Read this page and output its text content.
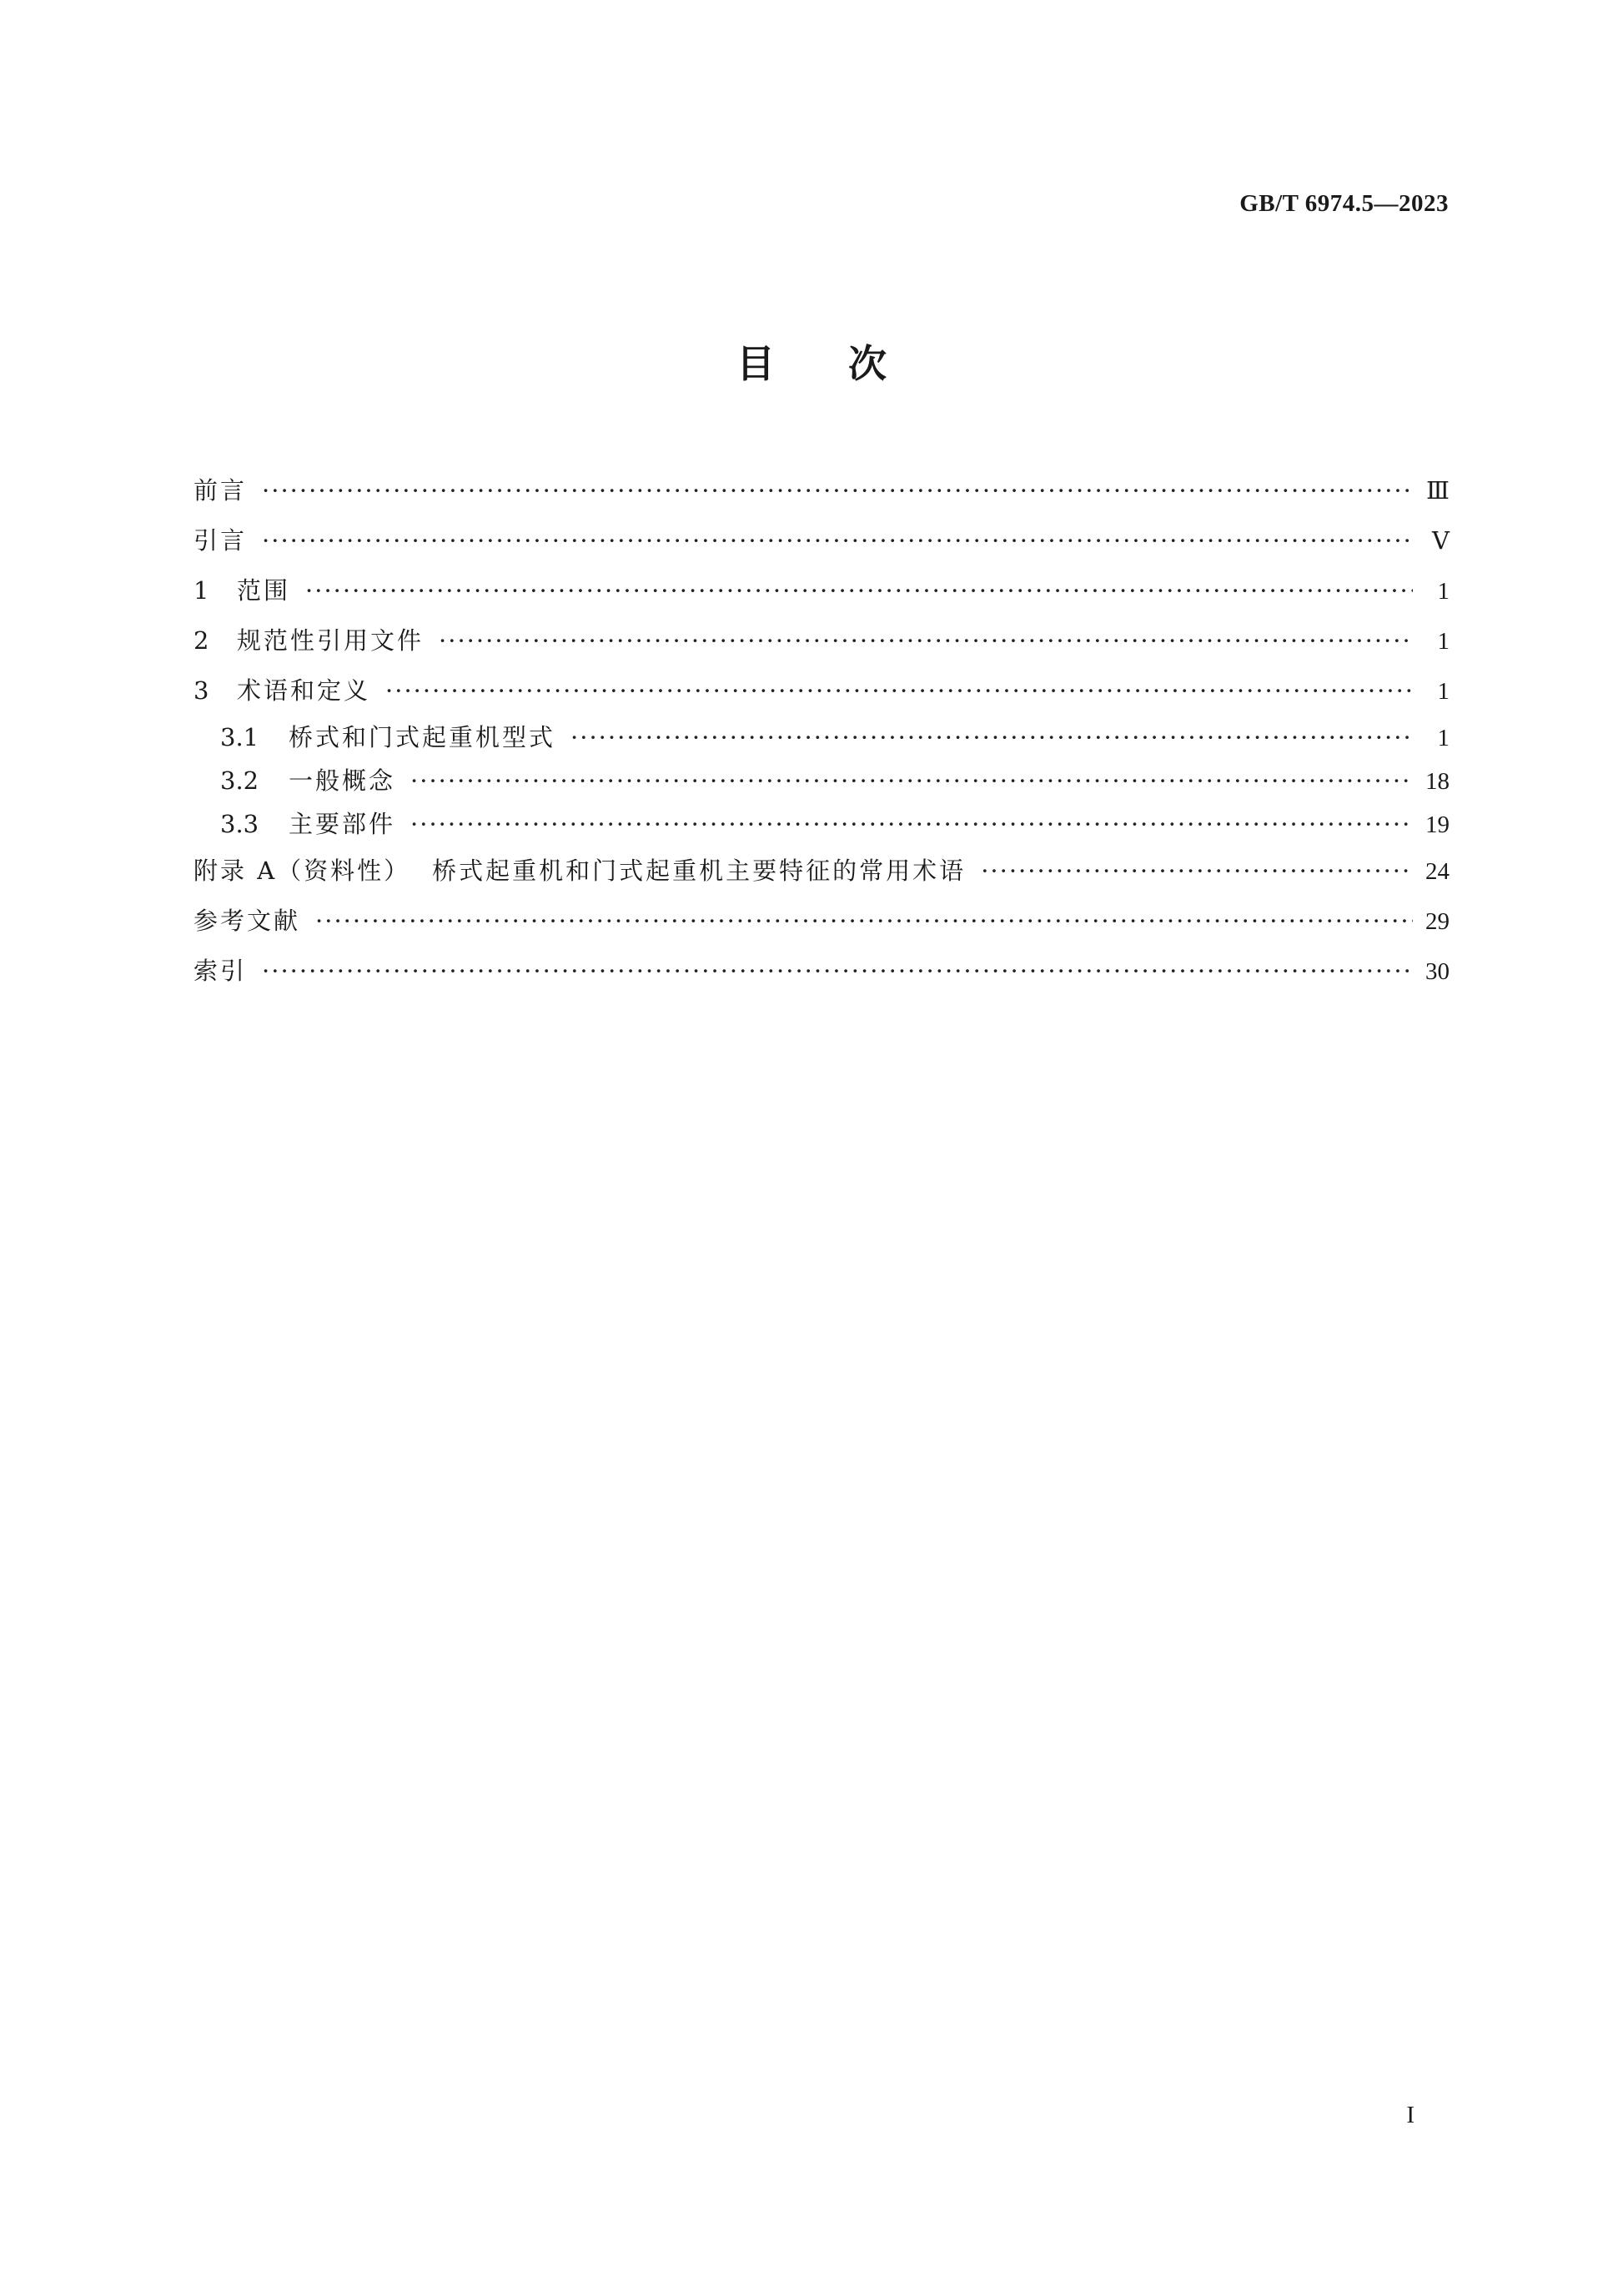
GB/T 6974.5—2023
目 次
前言 ·····	Ⅲ
引言 ·····	Ⅴ
1	范围 ·····	1
2	规范性引用文件 ·····	1
3	术语和定义 ·····	1
3.1 桥式和门式起重机型式 ·····	1
3.2 一般概念 ·····	18
3.3 主要部件 ·····	19
附录 A（资料性） 桥式起重机和门式起重机主要特征的常用术语 ·····	24
参考文献 ·····	29
索引 ·····	30
I
